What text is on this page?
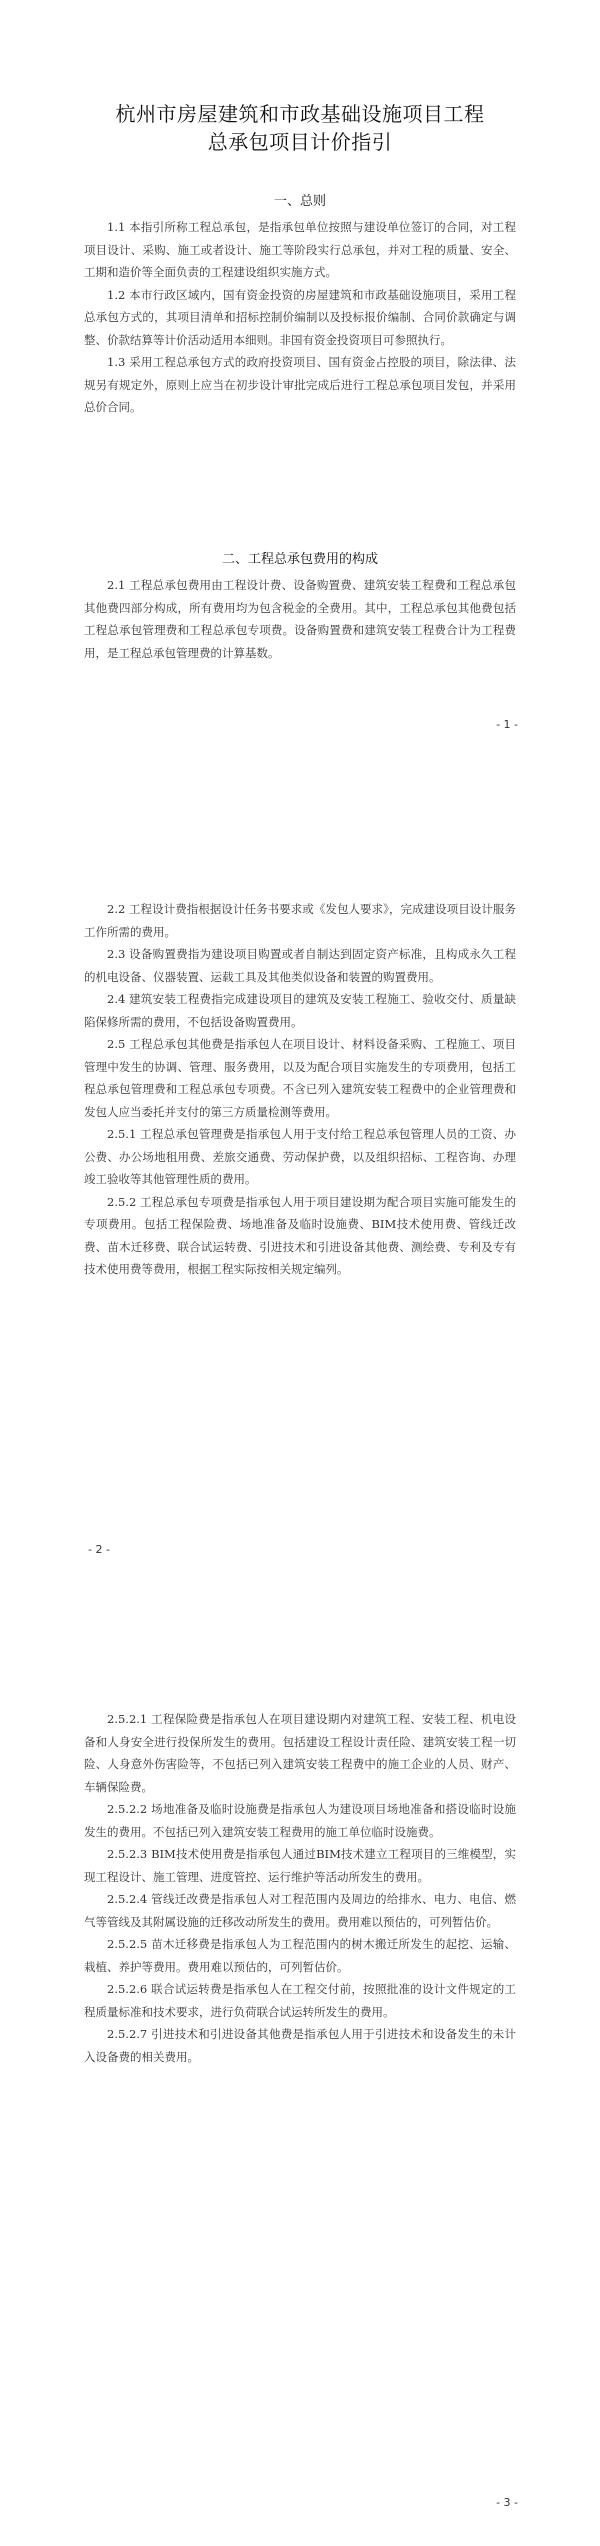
杭州市房屋建筑和市政基础设施项目工程
总承包项目计价指引
一、总则

1.1 本指引所称工程总承包，是指承包单位按照与建设单位签订的合同，对工程项目设计、采购、施工或者设计、施工等阶段实行总承包，并对工程的质量、安全、工期和造价等全面负责的工程建设组织实施方式。

1.2 本市行政区域内，国有资金投资的房屋建筑和市政基础设施项目，采用工程总承包方式的，其项目清单和招标控制价编制以及投标报价编制、合同价款确定与调整、价款结算等计价活动适用本细则。非国有资金投资项目可参照执行。

1.3 采用工程总承包方式的政府投资项目、国有资金占控股的项目，除法律、法规另有规定外，原则上应当在初步设计审批完成后进行工程总承包项目发包，并采用总价合同。

二、工程总承包费用的构成

2.1 工程总承包费用由工程设计费、设备购置费、建筑安装工程费和工程总承包其他费四部分构成，所有费用均为包含税金的全费用。其中，工程总承包其他费包括工程总承包管理费和工程总承包专项费。设备购置费和建筑安装工程费合计为工程费用，是工程总承包管理费的计算基数。

- 1 -

2.2 工程设计费指根据设计任务书要求或《发包人要求》，完成建设项目设计服务工作所需的费用。

2.3 设备购置费指为建设项目购置或者自制达到固定资产标准，且构成永久工程的机电设备、仪器装置、运载工具及其他类似设备和装置的购置费用。

2.4 建筑安装工程费指完成建设项目的建筑及安装工程施工、验收交付、质量缺陷保修所需的费用，不包括设备购置费用。

2.5 工程总承包其他费是指承包人在项目设计、材料设备采购、工程施工、项目管理中发生的协调、管理、服务费用，以及为配合项目实施发生的专项费用，包括工程总承包管理费和工程总承包专项费。不含已列入建筑安装工程费中的企业管理费和发包人应当委托并支付的第三方质量检测等费用。

2.5.1 工程总承包管理费是指承包人用于支付给工程总承包管理人员的工资、办公费、办公场地租用费、差旅交通费、劳动保护费，以及组织招标、工程咨询、办理竣工验收等其他管理性质的费用。

2.5.2 工程总承包专项费是指承包人用于项目建设期为配合项目实施可能发生的专项费用。包括工程保险费、场地准备及临时设施费、BIM技术使用费、管线迁改费、苗木迁移费、联合试运转费、引进技术和引进设备其他费、测绘费、专利及专有技术使用费等费用，根据工程实际按相关规定编列。

- 2 -

2.5.2.1 工程保险费是指承包人在项目建设期内对建筑工程、安装工程、机电设备和人身安全进行投保所发生的费用。包括建设工程设计责任险、建筑安装工程一切险、人身意外伤害险等，不包括已列入建筑安装工程费中的施工企业的人员、财产、车辆保险费。

2.5.2.2 场地准备及临时设施费是指承包人为建设项目场地准备和搭设临时设施发生的费用。不包括已列入建筑安装工程费用的施工单位临时设施费。

2.5.2.3 BIM技术使用费是指承包人通过BIM技术建立工程项目的三维模型，实现工程设计、施工管理、进度管控、运行维护等活动所发生的费用。

2.5.2.4 管线迁改费是指承包人对工程范围内及周边的给排水、电力、电信、燃气等管线及其附属设施的迁移改动所发生的费用。费用难以预估的，可列暂估价。

2.5.2.5 苗木迁移费是指承包人为工程范围内的树木搬迁所发生的起挖、运输、栽植、养护等费用。费用难以预估的，可列暂估价。

2.5.2.6 联合试运转费是指承包人在工程交付前，按照批准的设计文件规定的工程质量标准和技术要求，进行负荷联合试运转所发生的费用。

2.5.2.7 引进技术和引进设备其他费是指承包人用于引进技术和设备发生的未计入设备费的相关费用。

- 3 -
